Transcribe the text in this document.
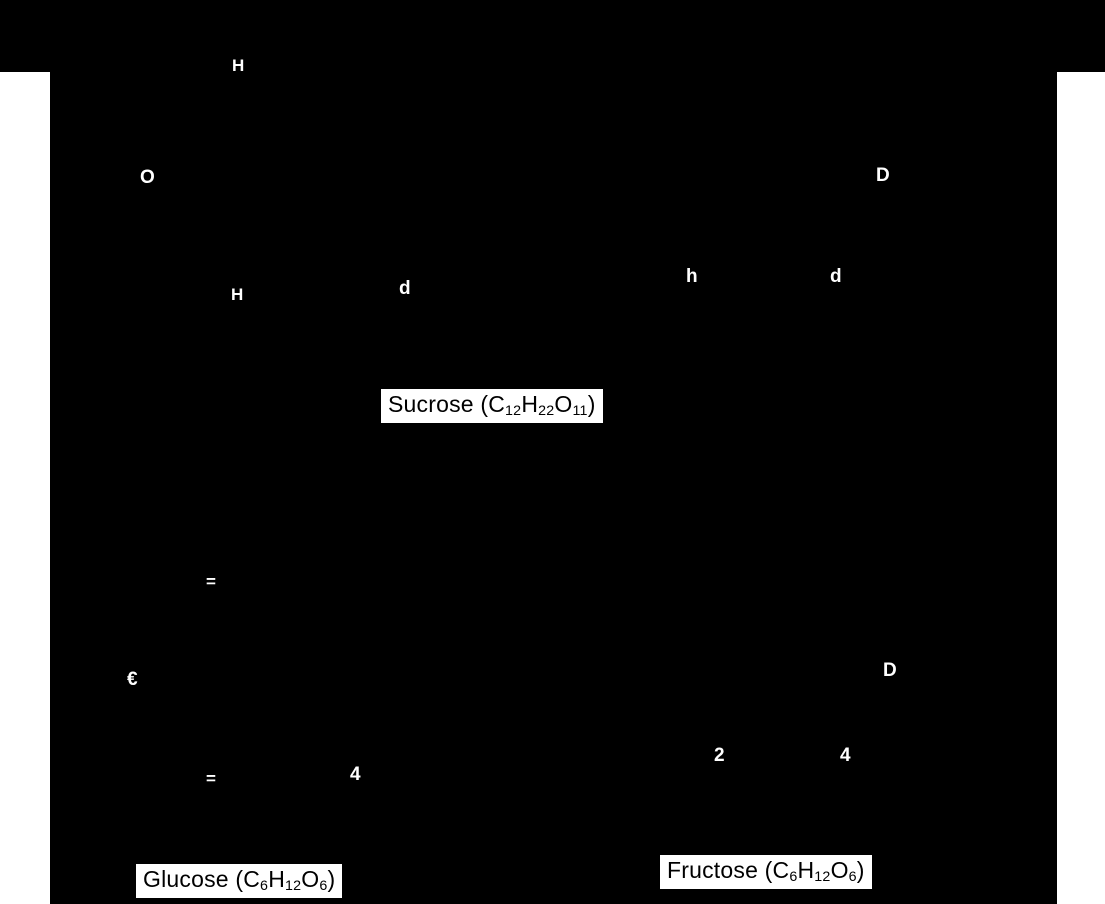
H
O	D
H	d
h	d
=
€	D
2	4
=	4
Sucrose $(C_{12}H_{22}O_{11})$
Glucose $(C_6H_{12}O_6)$	Fructose $(C_6H_{12}O_6)$
